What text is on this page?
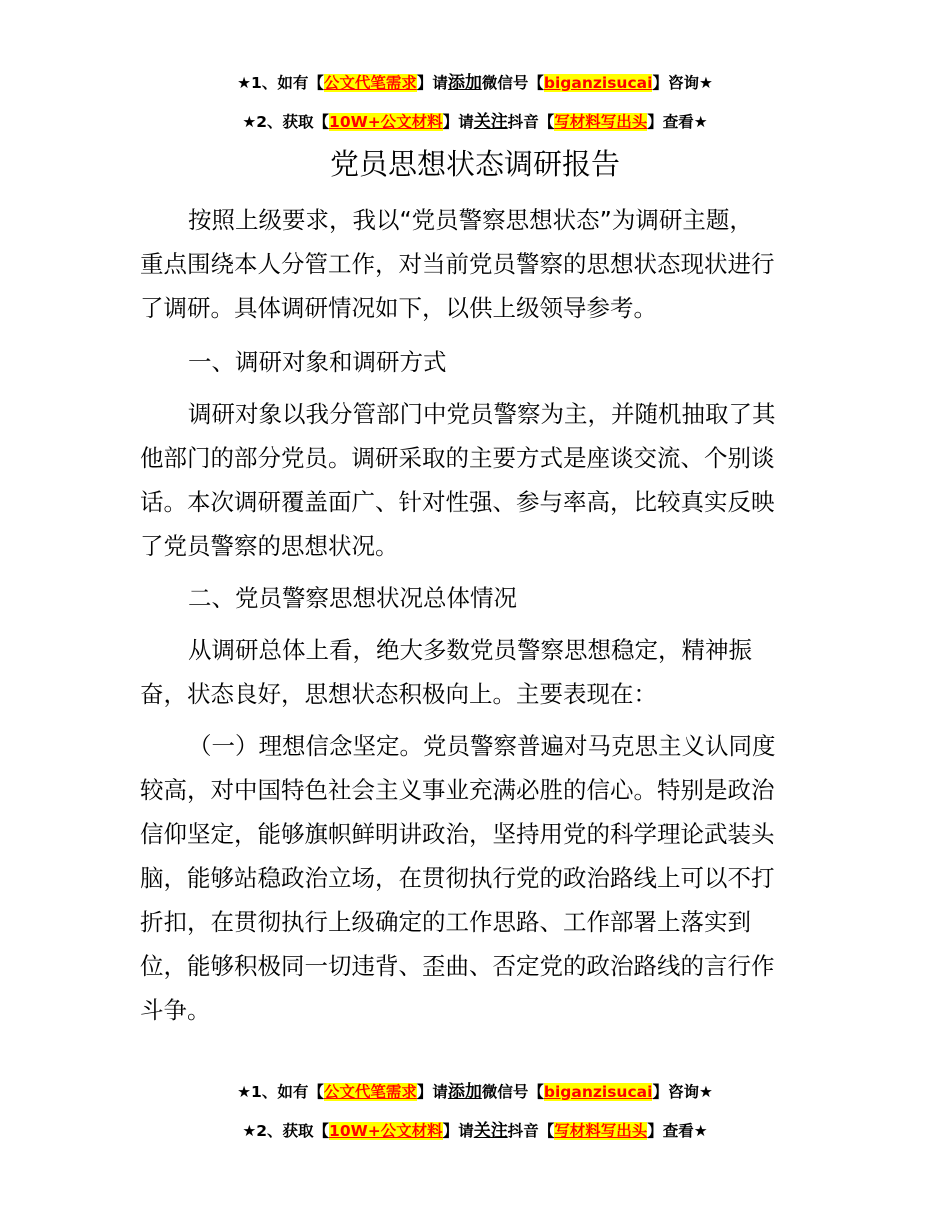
★1、如有【公文代笔需求】请添加微信号【biganzisucai】咨询★
★2、获取【10W+公文材料】请关注抖音【写材料写出头】查看★
党员思想状态调研报告
按照上级要求，我以“党员警察思想状态”为调研主题，
重点围绕本人分管工作，对当前党员警察的思想状态现状进行
了调研。具体调研情况如下，以供上级领导参考。
一、调研对象和调研方式
调研对象以我分管部门中党员警察为主，并随机抽取了其
他部门的部分党员。调研采取的主要方式是座谈交流、个别谈
话。本次调研覆盖面广、针对性强、参与率高，比较真实反映
了党员警察的思想状况。
二、党员警察思想状况总体情况
从调研总体上看，绝大多数党员警察思想稳定，精神振
奋，状态良好，思想状态积极向上。主要表现在：
（一）理想信念坚定。党员警察普遍对马克思主义认同度
较高，对中国特色社会主义事业充满必胜的信心。特别是政治
信仰坚定，能够旗帜鲜明讲政治，坚持用党的科学理论武装头
脑，能够站稳政治立场，在贯彻执行党的政治路线上可以不打
折扣，在贯彻执行上级确定的工作思路、工作部署上落实到
位，能够积极同一切违背、歪曲、否定党的政治路线的言行作
斗争。
★1、如有【公文代笔需求】请添加微信号【biganzisucai】咨询★
★2、获取【10W+公文材料】请关注抖音【写材料写出头】查看★
